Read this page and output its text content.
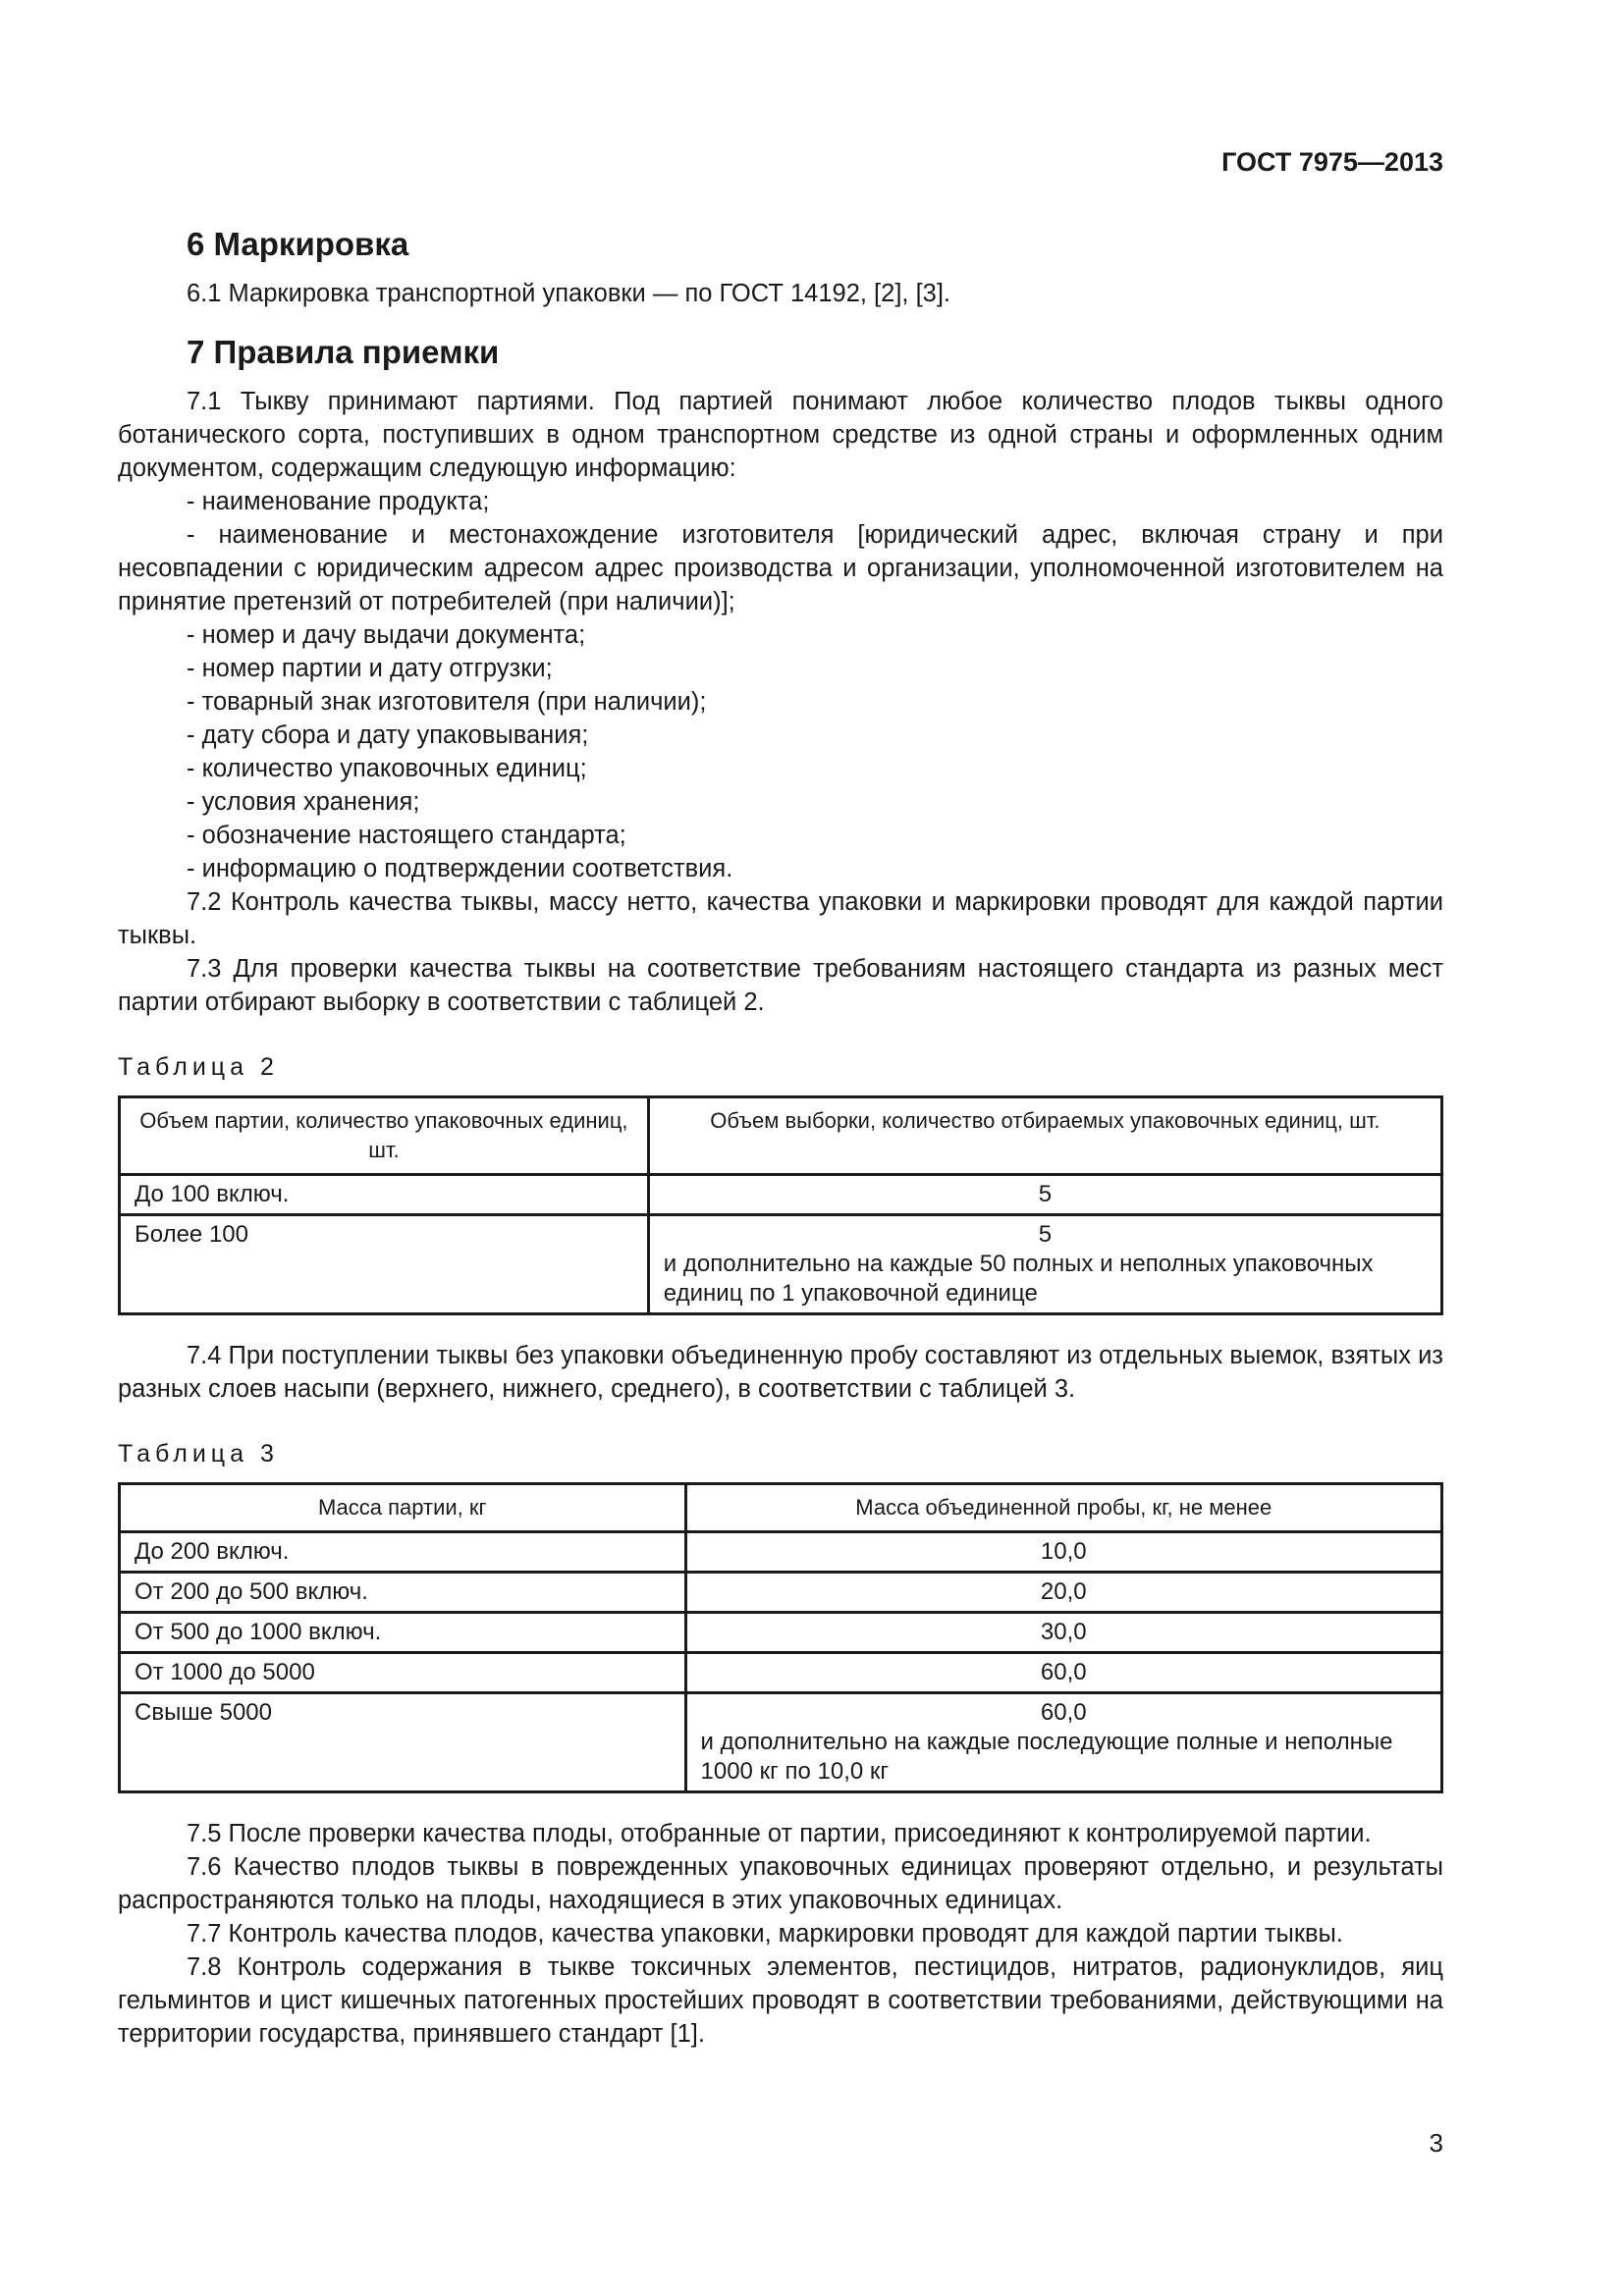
ГОСТ 7975—2013
6 Маркировка

6.1 Маркировка транспортной упаковки — по ГОСТ 14192, [2], [3].

7 Правила приемки

7.1 Тыкву принимают партиями. Под партией понимают любое количество плодов тыквы одного ботанического сорта, поступивших в одном транспортном средстве из одной страны и оформленных одним документом, содержащим следующую информацию:

- наименование продукта;

- наименование и местонахождение изготовителя [юридический адрес, включая страну и при несовпадении с юридическим адресом адрес производства и организации, уполномоченной изготовителем на принятие претензий от потребителей (при наличии)];

- номер и дачу выдачи документа;

- номер партии и дату отгрузки;

- товарный знак изготовителя (при наличии);

- дату сбора и дату упаковывания;

- количество упаковочных единиц;

- условия хранения;

- обозначение настоящего стандарта;

- информацию о подтверждении соответствия.

7.2 Контроль качества тыквы, массу нетто, качества упаковки и маркировки проводят для каждой партии тыквы.

7.3 Для проверки качества тыквы на соответствие требованиям настоящего стандарта из разных мест партии отбирают выборку в соответствии с таблицей 2.

Таблица 2
Объем партии, количество упаковочных единиц, шт.	Объем выборки, количество отбираемых упаковочных единиц, шт.
До 100 включ.	5

Более 100	5
и дополнительно на каждые 50 полных и неполных упаковочных единиц по 1 упаковочной единице

7.4 При поступлении тыквы без упаковки объединенную пробу составляют из отдельных выемок, взятых из разных слоев насыпи (верхнего, нижнего, среднего), в соответствии с таблицей 3.

Таблица 3
Масса партии, кг	Масса объединенной пробы, кг, не менее
До 200 включ.	10,0
От 200 до 500 включ.	20,0
От 500 до 1000 включ.	30,0
От 1000 до 5000	60,0
Свыше 5000	60,0
и дополнительно на каждые последующие полные и неполные 1000 кг по 10,0 кг

7.5 После проверки качества плоды, отобранные от партии, присоединяют к контролируемой партии.

7.6 Качество плодов тыквы в поврежденных упаковочных единицах проверяют отдельно, и результаты распространяются только на плоды, находящиеся в этих упаковочных единицах.

7.7 Контроль качества плодов, качества упаковки, маркировки проводят для каждой партии тыквы.

7.8 Контроль содержания в тыкве токсичных элементов, пестицидов, нитратов, радионуклидов, яиц гельминтов и цист кишечных патогенных простейших проводят в соответствии требованиями, действующими на территории государства, принявшего стандарт [1].

3
